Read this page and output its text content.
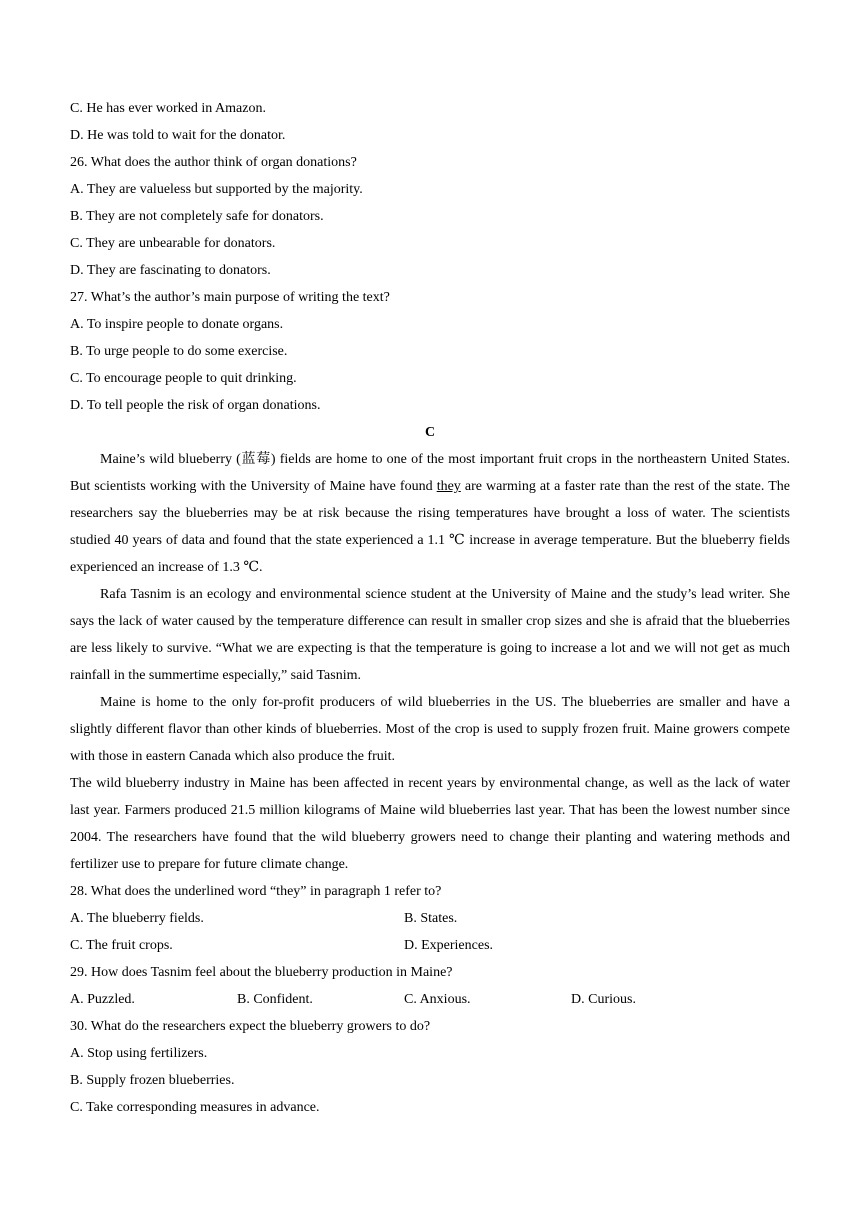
C. He has ever worked in Amazon.
D. He was told to wait for the donator.
26. What does the author think of organ donations?
A. They are valueless but supported by the majority.
B. They are not completely safe for donators.
C. They are unbearable for donators.
D. They are fascinating to donators.
27. What’s the author’s main purpose of writing the text?
A. To inspire people to donate organs.
B. To urge people to do some exercise.
C. To encourage people to quit drinking.
D. To tell people the risk of organ donations.
C

Maine’s wild blueberry (蓝莓) fields are home to one of the most important fruit crops in the northeastern United States. But scientists working with the University of Maine have found they are warming at a faster rate than the rest of the state. The researchers say the blueberries may be at risk because the rising temperatures have brought a loss of water. The scientists studied 40 years of data and found that the state experienced a 1.1 ℃ increase in average temperature. But the blueberry fields experienced an increase of 1.3 ℃.

Rafa Tasnim is an ecology and environmental science student at the University of Maine and the study’s lead writer. She says the lack of water caused by the temperature difference can result in smaller crop sizes and she is afraid that the blueberries are less likely to survive. “What we are expecting is that the temperature is going to increase a lot and we will not get as much rainfall in the summertime especially,” said Tasnim.

Maine is home to the only for-profit producers of wild blueberries in the US. The blueberries are smaller and have a slightly different flavor than other kinds of blueberries. Most of the crop is used to supply frozen fruit. Maine growers compete with those in eastern Canada which also produce the fruit.

The wild blueberry industry in Maine has been affected in recent years by environmental change, as well as the lack of water last year. Farmers produced 21.5 million kilograms of Maine wild blueberries last year. That has been the lowest number since 2004. The researchers have found that the wild blueberry growers need to change their planting and watering methods and fertilizer use to prepare for future climate change.

28. What does the underlined word “they” in paragraph 1 refer to?
A. The blueberry fields.	B. States.
C. The fruit crops.	D. Experiences.
29. How does Tasnim feel about the blueberry production in Maine?
A. Puzzled.	B. Confident.	C. Anxious.	D. Curious.
30. What do the researchers expect the blueberry growers to do?
A. Stop using fertilizers.
B. Supply frozen blueberries.
C. Take corresponding measures in advance.
